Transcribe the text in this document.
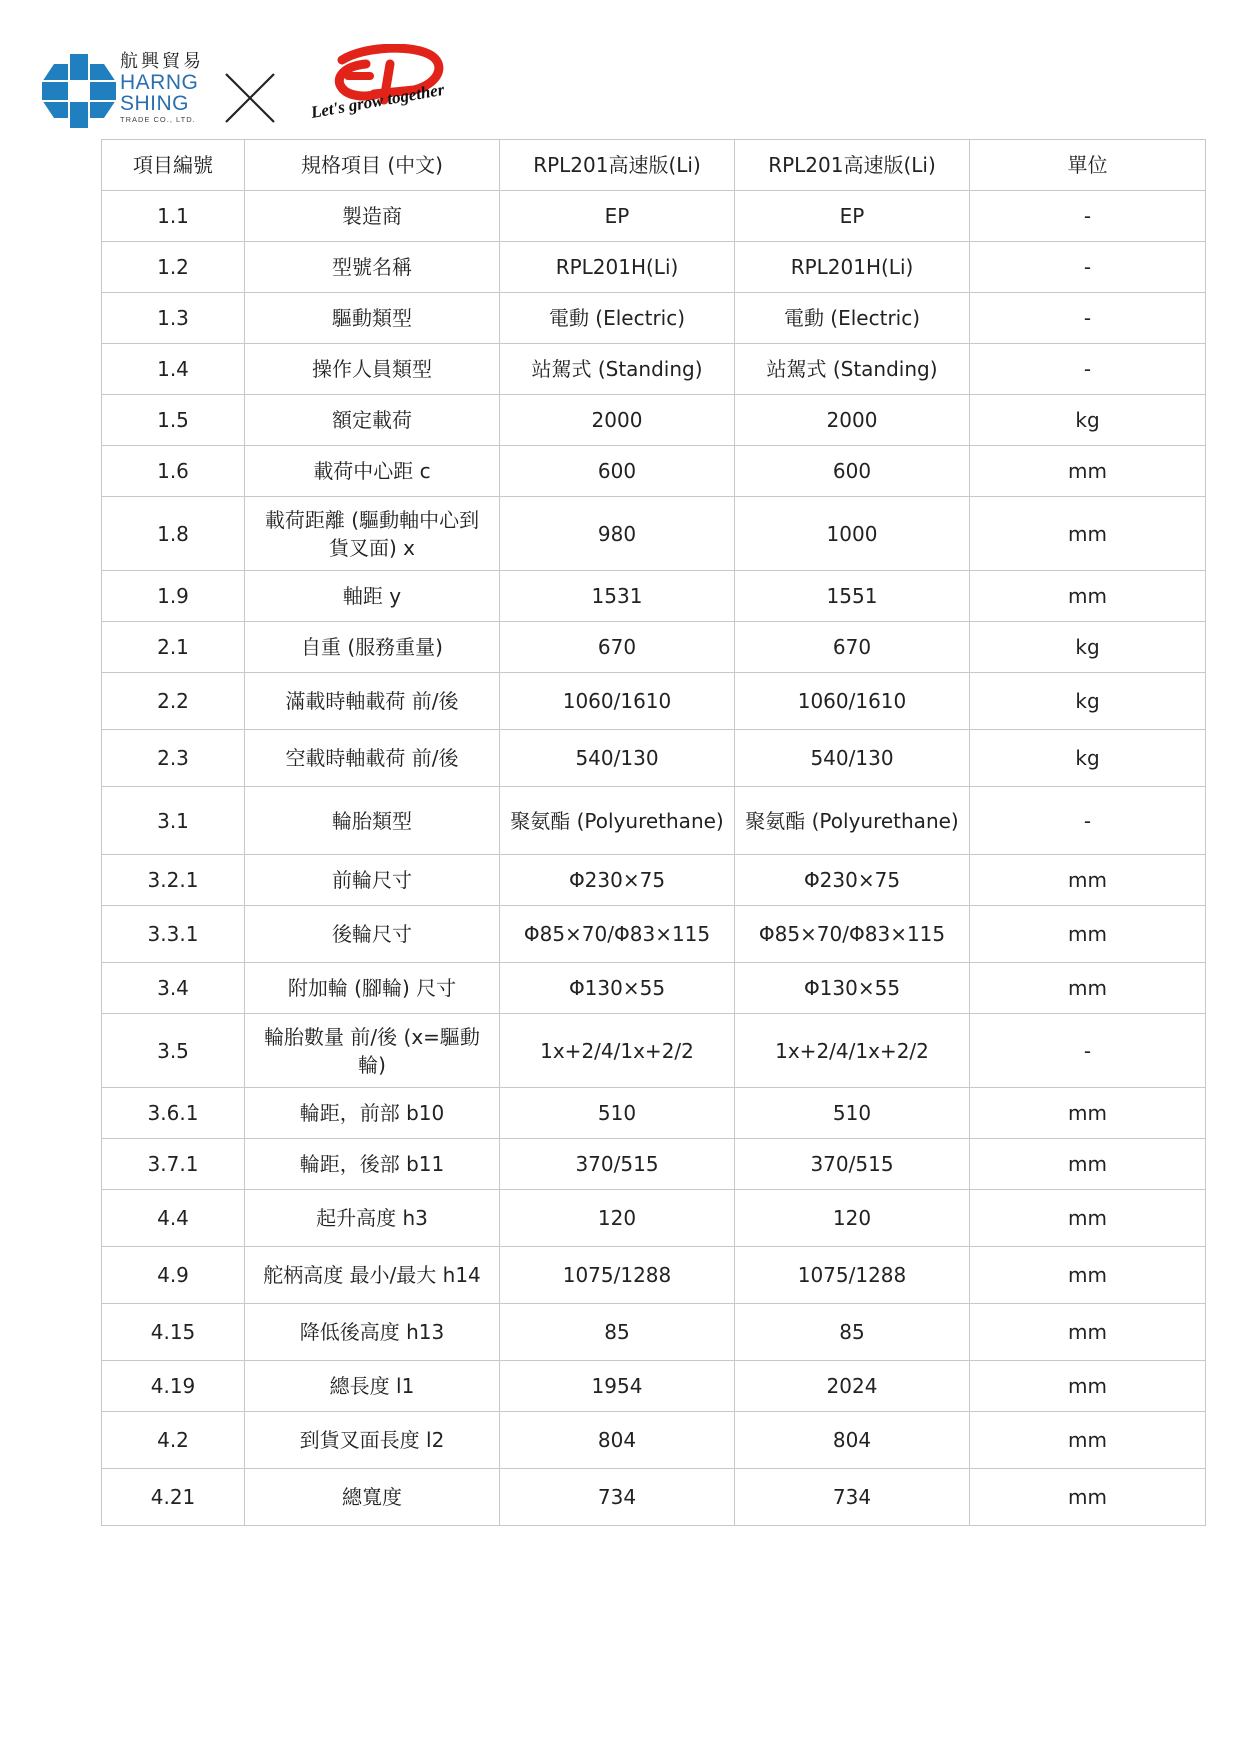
航興貿易
HARNG
SHING
TRADE CO., LTD.	Let's grow together
項目編號	規格項目 (中文)	RPL201高速版(Li)	RPL201高速版(Li)	單位
1.1	製造商	EP	EP	-
1.2	型號名稱	RPL201H(Li)	RPL201H(Li)	-
1.3	驅動類型	電動 (Electric)	電動 (Electric)	-
1.4	操作人員類型	站駕式 (Standing)	站駕式 (Standing)	-
1.5	額定載荷	2000	2000	kg
1.6	載荷中心距 c	600	600	mm
1.8	載荷距離 (驅動軸中心到貨叉面) x	980	1000	mm
1.9	軸距 y	1531	1551	mm
2.1	自重 (服務重量)	670	670	kg
2.2	滿載時軸載荷 前/後	1060/1610	1060/1610	kg
2.3	空載時軸載荷 前/後	540/130	540/130	kg
3.1	輪胎類型	聚氨酯 (Polyurethane)	聚氨酯 (Polyurethane)	-
3.2.1	前輪尺寸	Φ230×75	Φ230×75	mm
3.3.1	後輪尺寸	Φ85×70/Φ83×115	Φ85×70/Φ83×115	mm
3.4	附加輪 (腳輪) 尺寸	Φ130×55	Φ130×55	mm
3.5	輪胎數量 前/後 (x=驅動輪)	1x+2/4/1x+2/2	1x+2/4/1x+2/2	-
3.6.1	輪距，前部 b10	510	510	mm
3.7.1	輪距，後部 b11	370/515	370/515	mm
4.4	起升高度 h3	120	120	mm
4.9	舵柄高度 最小/最大 h14	1075/1288	1075/1288	mm
4.15	降低後高度 h13	85	85	mm
4.19	總長度 l1	1954	2024	mm
4.2	到貨叉面長度 l2	804	804	mm
4.21	總寬度	734	734	mm
